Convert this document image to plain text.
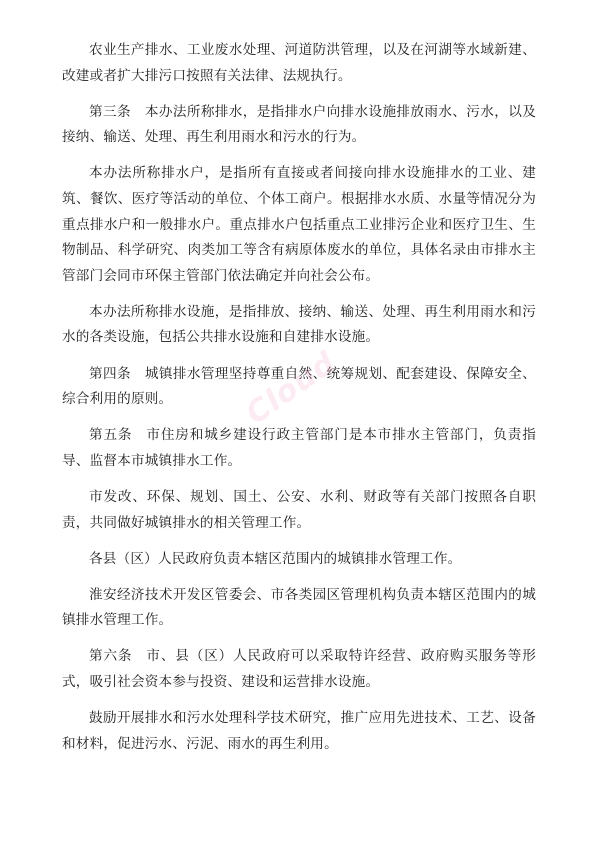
农业生产排水、工业废水处理、河道防洪管理，以及在河湖等水域新建、改建或者扩大排污口按照有关法律、法规执行。

第三条 本办法所称排水，是指排水户向排水设施排放雨水、污水，以及接纳、输送、处理、再生利用雨水和污水的行为。

本办法所称排水户，是指所有直接或者间接向排水设施排水的工业、建筑、餐饮、医疗等活动的单位、个体工商户。根据排水水质、水量等情况分为重点排水户和一般排水户。重点排水户包括重点工业排污企业和医疗卫生、生物制品、科学研究、肉类加工等含有病原体废水的单位，具体名录由市排水主管部门会同市环保主管部门依法确定并向社会公布。

本办法所称排水设施，是指排放、接纳、输送、处理、再生利用雨水和污水的各类设施，包括公共排水设施和自建排水设施。

第四条 城镇排水管理坚持尊重自然、统筹规划、配套建设、保障安全、综合利用的原则。

第五条 市住房和城乡建设行政主管部门是本市排水主管部门，负责指导、监督本市城镇排水工作。

市发改、环保、规划、国土、公安、水利、财政等有关部门按照各自职责，共同做好城镇排水的相关管理工作。

各县（区）人民政府负责本辖区范围内的城镇排水管理工作。

淮安经济技术开发区管委会、市各类园区管理机构负责本辖区范围内的城镇排水管理工作。

第六条 市、县（区）人民政府可以采取特许经营、政府购买服务等形式，吸引社会资本参与投资、建设和运营排水设施。

鼓励开展排水和污水处理科学技术研究，推广应用先进技术、工艺、设备和材料，促进污水、污泥、雨水的再生利用。

Cloud
